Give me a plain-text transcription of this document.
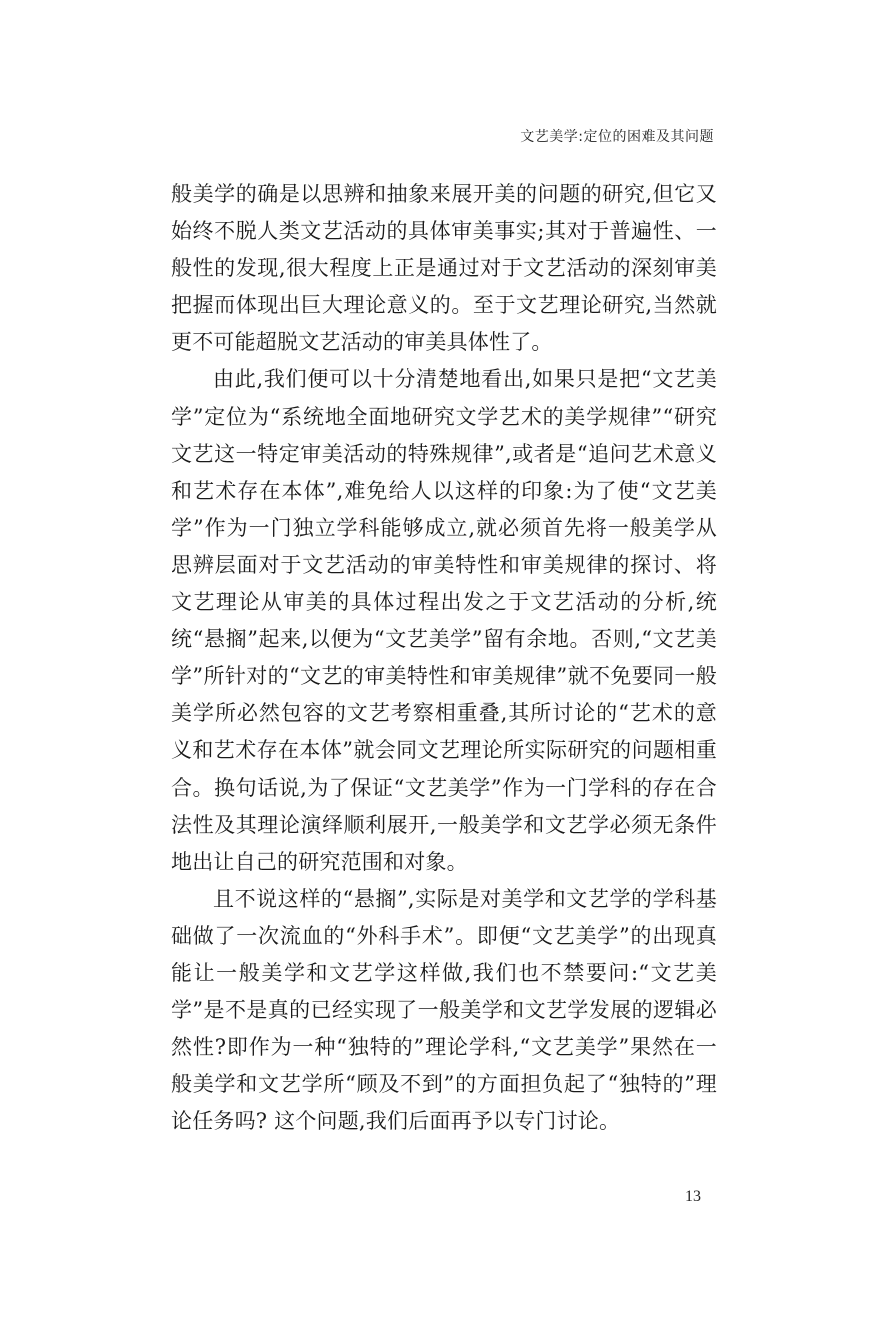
文艺美学:定位的困难及其问题

般美学的确是以思辨和抽象来展开美的问题的研究,但它又始终不脱人类文艺活动的具体审美事实;其对于普遍性、一般性的发现,很大程度上正是通过对于文艺活动的深刻审美把握而体现出巨大理论意义的。至于文艺理论研究,当然就更不可能超脱文艺活动的审美具体性了。

由此,我们便可以十分清楚地看出,如果只是把“文艺美学”定位为“系统地全面地研究文学艺术的美学规律”“研究文艺这一特定审美活动的特殊规律”,或者是“追问艺术意义和艺术存在本体”,难免给人以这样的印象:为了使“文艺美学”作为一门独立学科能够成立,就必须首先将一般美学从思辨层面对于文艺活动的审美特性和审美规律的探讨、将文艺理论从审美的具体过程出发之于文艺活动的分析,统统“悬搁”起来,以便为“文艺美学”留有余地。否则,“文艺美学”所针对的“文艺的审美特性和审美规律”就不免要同一般美学所必然包容的文艺考察相重叠,其所讨论的“艺术的意义和艺术存在本体”就会同文艺理论所实际研究的问题相重合。换句话说,为了保证“文艺美学”作为一门学科的存在合法性及其理论演绎顺利展开,一般美学和文艺学必须无条件地出让自己的研究范围和对象。

且不说这样的“悬搁”,实际是对美学和文艺学的学科基础做了一次流血的“外科手术”。即便“文艺美学”的出现真能让一般美学和文艺学这样做,我们也不禁要问:“文艺美学”是不是真的已经实现了一般美学和文艺学发展的逻辑必然性?即作为一种“独特的”理论学科,“文艺美学”果然在一般美学和文艺学所“顾及不到”的方面担负起了“独特的”理论任务吗? 这个问题,我们后面再予以专门讨论。

13
